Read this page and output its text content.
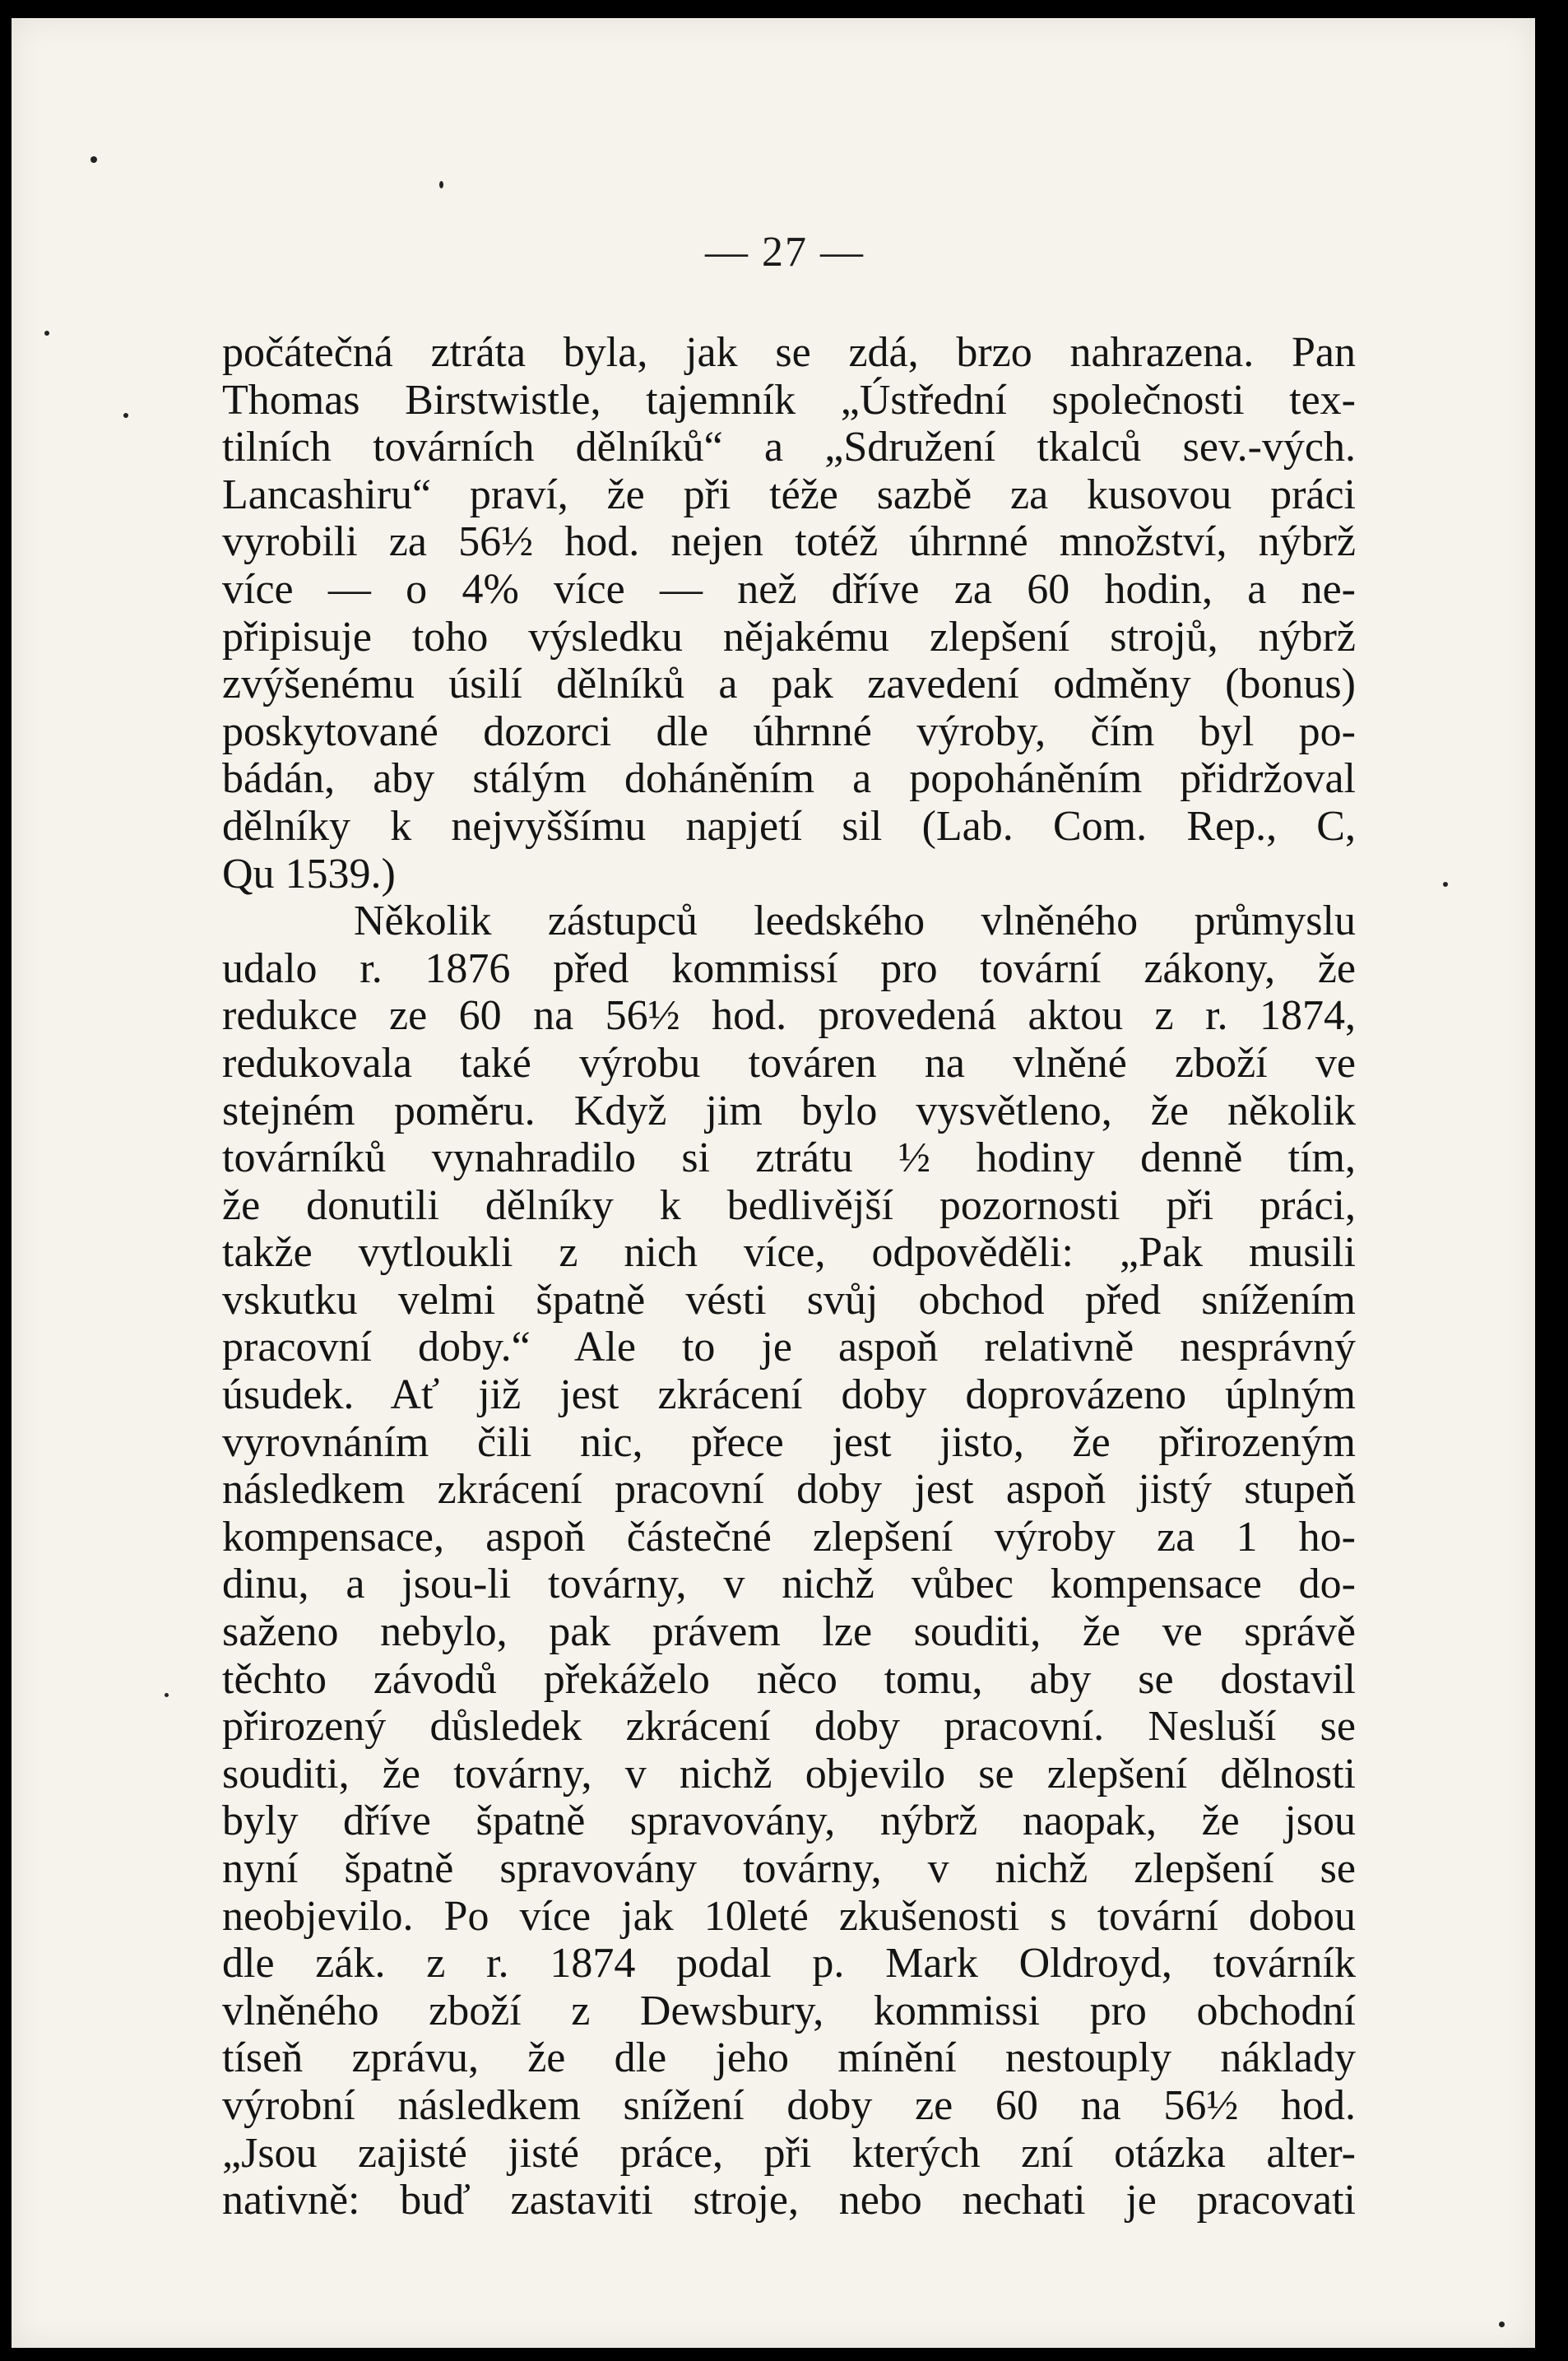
— 27 —
počátečná ztráta byla, jak se zdá, brzo nahrazena. Pan
Thomas Birstwistle, tajemník „Ústřední společnosti tex-
tilních továrních dělníků“ a „Sdružení tkalců sev.-vých.
Lancashiru“ praví, že při téže sazbě za kusovou práci
vyrobili za 56½ hod. nejen totéž úhrnné množství, nýbrž
více — o 4% více — než dříve za 60 hodin, a ne-
připisuje toho výsledku nějakému zlepšení strojů, nýbrž
zvýšenému úsilí dělníků a pak zavedení odměny (bonus)
poskytované dozorci dle úhrnné výroby, čím byl po-
bádán, aby stálým doháněním a popoháněním přidržoval
dělníky k nejvyššímu napjetí sil (Lab. Com. Rep., C,
Qu 1539.)
Několik zástupců leedského vlněného průmyslu
udalo r. 1876 před kommissí pro tovární zákony, že
redukce ze 60 na 56½ hod. provedená aktou z r. 1874,
redukovala také výrobu továren na vlněné zboží ve
stejném poměru. Když jim bylo vysvětleno, že několik
továrníků vynahradilo si ztrátu ½ hodiny denně tím,
že donutili dělníky k bedlivější pozornosti při práci,
takže vytloukli z nich více, odpověděli: „Pak musili
vskutku velmi špatně vésti svůj obchod před snížením
pracovní doby.“ Ale to je aspoň relativně nesprávný
úsudek. Ať již jest zkrácení doby doprovázeno úplným
vyrovnáním čili nic, přece jest jisto, že přirozeným
následkem zkrácení pracovní doby jest aspoň jistý stupeň
kompensace, aspoň částečné zlepšení výroby za 1 ho-
dinu, a jsou-li továrny, v nichž vůbec kompensace do-
saženo nebylo, pak právem lze souditi, že ve správě
těchto závodů překáželo něco tomu, aby se dostavil
přirozený důsledek zkrácení doby pracovní. Nesluší se
souditi, že továrny, v nichž objevilo se zlepšení dělnosti
byly dříve špatně spravovány, nýbrž naopak, že jsou
nyní špatně spravovány továrny, v nichž zlepšení se
neobjevilo. Po více jak 10leté zkušenosti s tovární dobou
dle zák. z r. 1874 podal p. Mark Oldroyd, továrník
vlněného zboží z Dewsbury, kommissi pro obchodní
tíseň zprávu, že dle jeho mínění nestouply náklady
výrobní následkem snížení doby ze 60 na 56½ hod.
„Jsou zajisté jisté práce, při kterých zní otázka alter-
nativně: buď zastaviti stroje, nebo nechati je pracovati
